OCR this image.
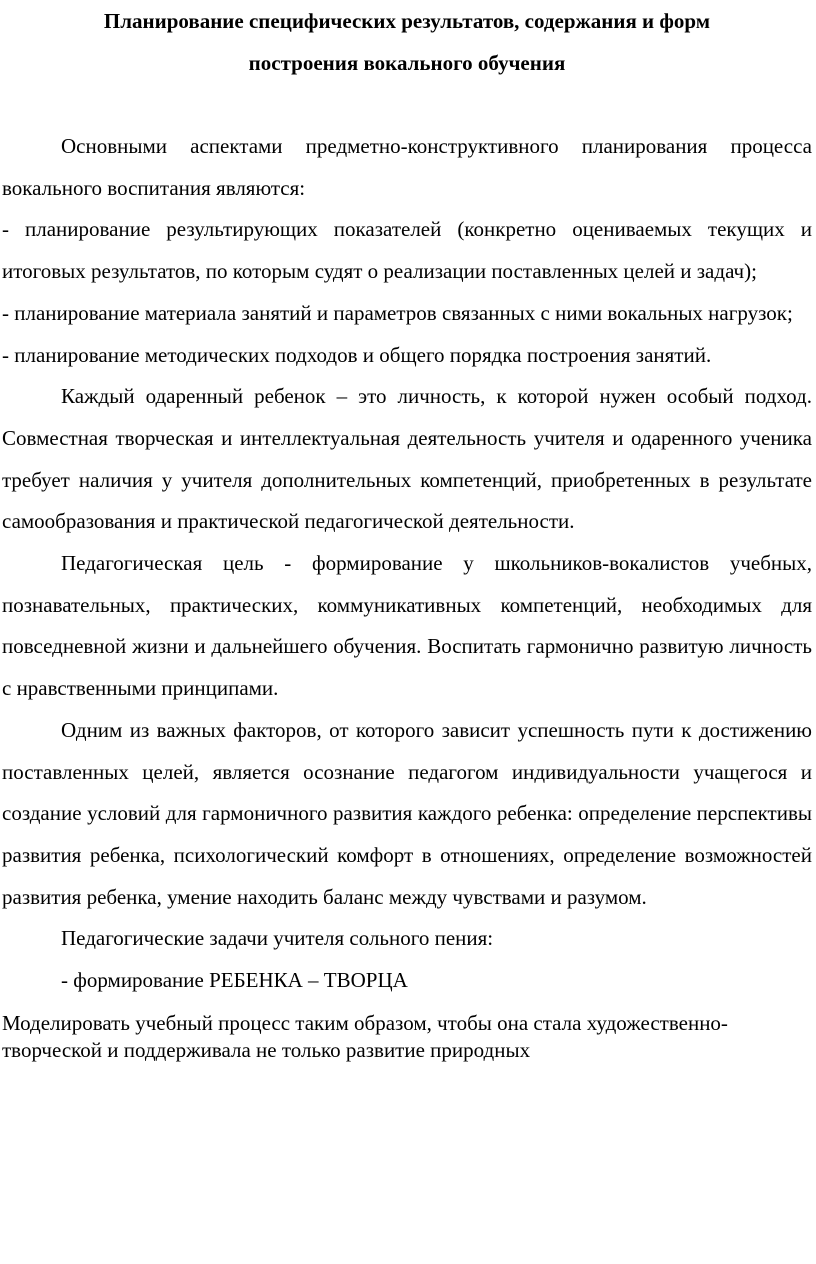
Планирование специфических результатов, содержания и форм
построения вокального обучения

Основными аспектами предметно-конструктивного планирования процесса вокального воспитания являются:

- планирование результирующих показателей (конкретно оцениваемых текущих и итоговых результатов, по которым судят о реализации поставленных целей и задач);

- планирование материала занятий и параметров связанных с ними вокальных нагрузок;

- планирование методических подходов и общего порядка построения занятий.

Каждый одаренный ребенок – это личность, к которой нужен особый подход. Совместная творческая и интеллектуальная деятельность учителя и одаренного ученика требует наличия у учителя дополнительных компетенций, приобретенных в результате самообразования и практической педагогической деятельности.

Педагогическая цель - формирование у школьников-вокалистов учебных, познавательных, практических, коммуникативных компетенций, необходимых для повседневной жизни и дальнейшего обучения. Воспитать гармонично развитую личность с нравственными принципами.

Одним из важных факторов, от которого зависит успешность пути к достижению поставленных целей, является осознание педагогом индивидуальности учащегося и создание условий для гармоничного развития каждого ребенка: определение перспективы развития ребенка, психологический комфорт в отношениях, определение возможностей развития ребенка, умение находить баланс между чувствами и разумом.

Педагогические задачи учителя сольного пения:

- формирование РЕБЕНКА – ТВОРЦА

Моделировать учебный процесс таким образом, чтобы она стала художественно-творческой и поддерживала не только развитие природных
